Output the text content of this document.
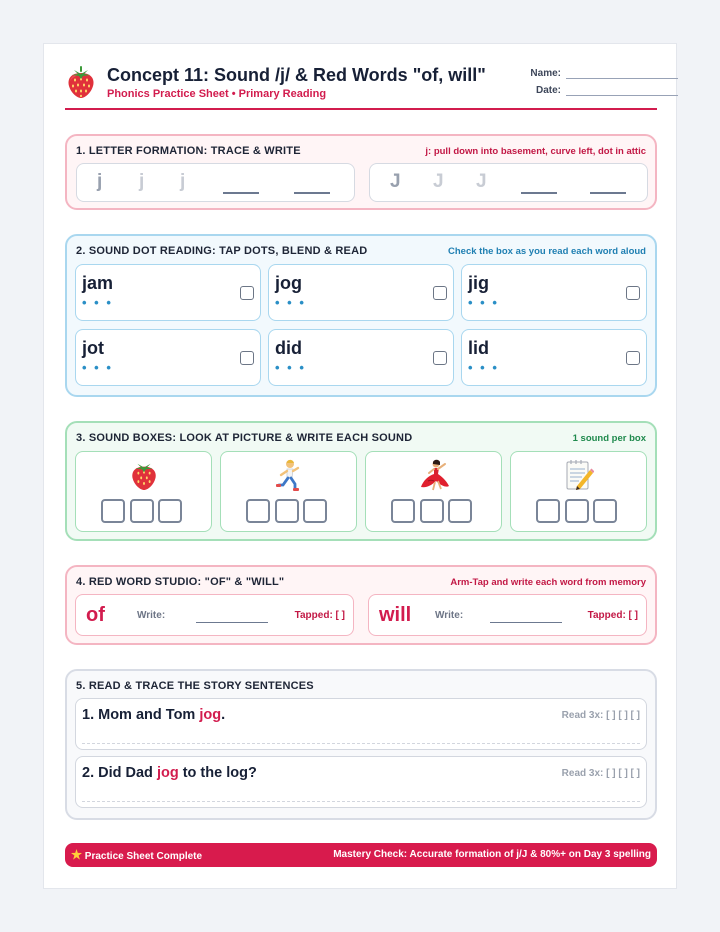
Concept 11: Sound /j/ & Red Words "of, will"
Phonics Practice Sheet • Primary Reading
Name:
Date:
1. LETTER FORMATION: TRACE & WRITE	j: pull down into basement, curve left, dot in attic
j j j	J J J
2. SOUND DOT READING: TAP DOTS, BLEND & READ	Check the box as you read each word aloud
jam
• • •
jog
• • •
jig
• • •
jot
• • •
did
• • •
lid
• • •
3. SOUND BOXES: LOOK AT PICTURE & WRITE EACH SOUND	1 sound per box
4. RED WORD STUDIO: "OF" & "WILL"	Arm-Tap and write each word from memory
of	Write:	Tapped: [ ] will Write:	Tapped: [ ]
5. READ & TRACE THE STORY SENTENCES
1. Mom and Tom jog.	Read 3x: [ ] [ ] [ ]
2. Did Dad jog to the log?	Read 3x: [ ] [ ] [ ]
Practice Sheet Complete	Mastery Check: Accurate formation of j/J & 80%+ on Day 3 spelling
